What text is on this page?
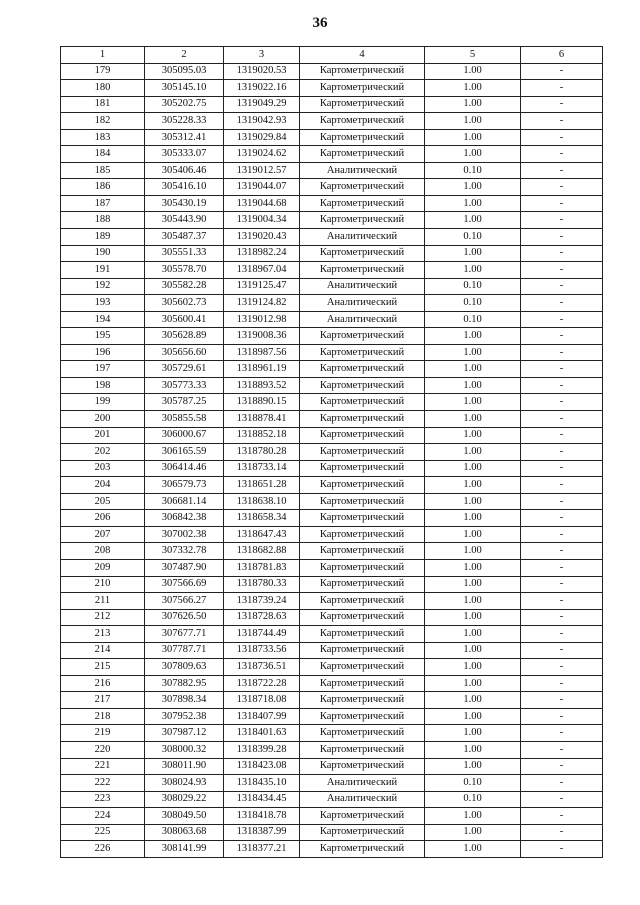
36
1	2	3	4	5	6
179	305095.03	1319020.53	Картометрический	1.00	-
180	305145.10	1319022.16	Картометрический	1.00	-
181	305202.75	1319049.29	Картометрический	1.00	-
182	305228.33	1319042.93	Картометрический	1.00	-
183	305312.41	1319029.84	Картометрический	1.00	-
184	305333.07	1319024.62	Картометрический	1.00	-
185	305406.46	1319012.57	Аналитический	0.10	-
186	305416.10	1319044.07	Картометрический	1.00	-
187	305430.19	1319044.68	Картометрический	1.00	-
188	305443.90	1319004.34	Картометрический	1.00	-
189	305487.37	1319020.43	Аналитический	0.10	-
190	305551.33	1318982.24	Картометрический	1.00	-
191	305578.70	1318967.04	Картометрический	1.00	-
192	305582.28	1319125.47	Аналитический	0.10	-
193	305602.73	1319124.82	Аналитический	0.10	-
194	305600.41	1319012.98	Аналитический	0.10	-
195	305628.89	1319008.36	Картометрический	1.00	-
196	305656.60	1318987.56	Картометрический	1.00	-
197	305729.61	1318961.19	Картометрический	1.00	-
198	305773.33	1318893.52	Картометрический	1.00	-
199	305787.25	1318890.15	Картометрический	1.00	-
200	305855.58	1318878.41	Картометрический	1.00	-
201	306000.67	1318852.18	Картометрический	1.00	-
202	306165.59	1318780.28	Картометрический	1.00	-
203	306414.46	1318733.14	Картометрический	1.00	-
204	306579.73	1318651.28	Картометрический	1.00	-
205	306681.14	1318638.10	Картометрический	1.00	-
206	306842.38	1318658.34	Картометрический	1.00	-
207	307002.38	1318647.43	Картометрический	1.00	-
208	307332.78	1318682.88	Картометрический	1.00	-
209	307487.90	1318781.83	Картометрический	1.00	-
210	307566.69	1318780.33	Картометрический	1.00	-
211	307566.27	1318739.24	Картометрический	1.00	-
212	307626.50	1318728.63	Картометрический	1.00	-
213	307677.71	1318744.49	Картометрический	1.00	-
214	307787.71	1318733.56	Картометрический	1.00	-
215	307809.63	1318736.51	Картометрический	1.00	-
216	307882.95	1318722.28	Картометрический	1.00	-
217	307898.34	1318718.08	Картометрический	1.00	-
218	307952.38	1318407.99	Картометрический	1.00	-
219	307987.12	1318401.63	Картометрический	1.00	-
220	308000.32	1318399.28	Картометрический	1.00	-
221	308011.90	1318423.08	Картометрический	1.00	-
222	308024.93	1318435.10	Аналитический	0.10	-
223	308029.22	1318434.45	Аналитический	0.10	-
224	308049.50	1318418.78	Картометрический	1.00	-
225	308063.68	1318387.99	Картометрический	1.00	-
226	308141.99	1318377.21	Картометрический	1.00	-
